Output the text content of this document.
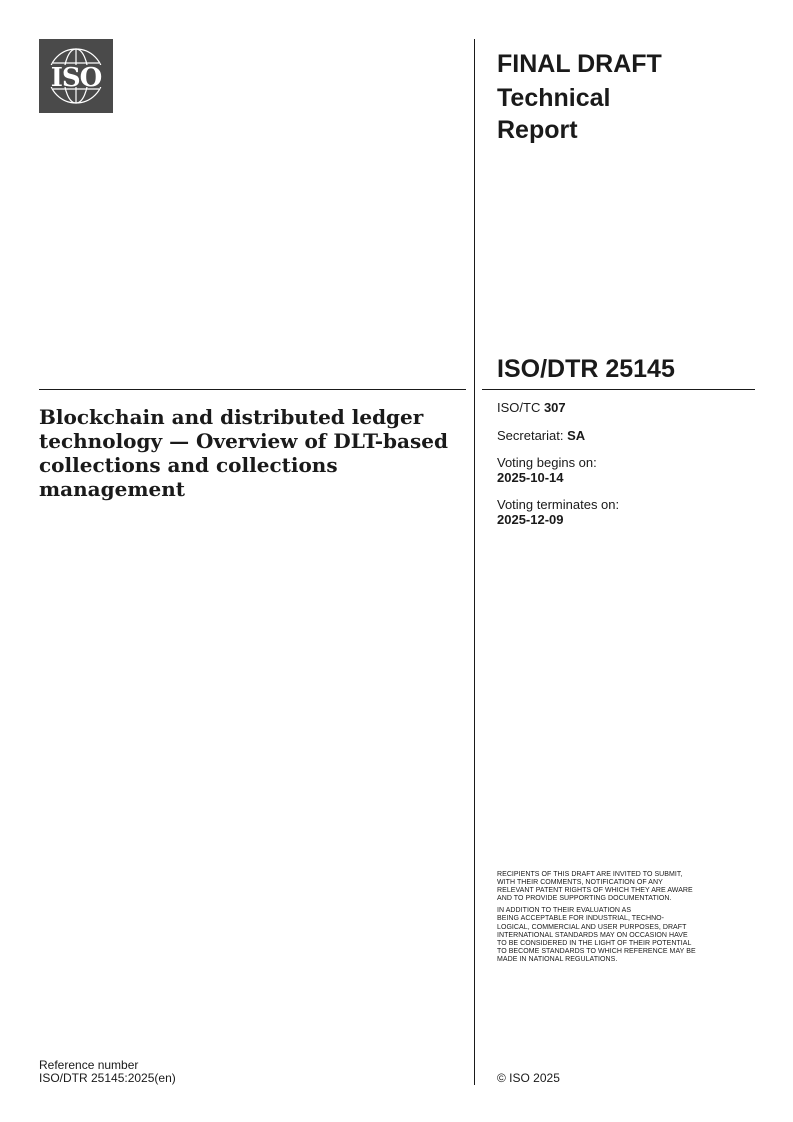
ISO	FINAL DRAFT
Technical
Report
ISO/DTR 25145
Blockchain and distributed ledger technology — Overview of DLT-based collections and collections management
ISO/TC 307
Secretariat: SA
Voting begins on:
2025-10-14
Voting terminates on:
2025-12-09

RECIPIENTS OF THIS DRAFT ARE INVITED TO SUBMIT,
WITH THEIR COMMENTS, NOTIFICATION OF ANY
RELEVANT PATENT RIGHTS OF WHICH THEY ARE AWARE
AND TO PROVIDE SUPPORTING DOCUMENTATION.

IN ADDITION TO THEIR EVALUATION AS
BEING ACCEPTABLE FOR INDUSTRIAL, TECHNO-
LOGICAL, COMMERCIAL AND USER PURPOSES, DRAFT
INTERNATIONAL STANDARDS MAY ON OCCASION HAVE
TO BE CONSIDERED IN THE LIGHT OF THEIR POTENTIAL
TO BECOME STANDARDS TO WHICH REFERENCE MAY BE
MADE IN NATIONAL REGULATIONS.

Reference number
ISO/DTR 25145:2025(en)	© ISO 2025
